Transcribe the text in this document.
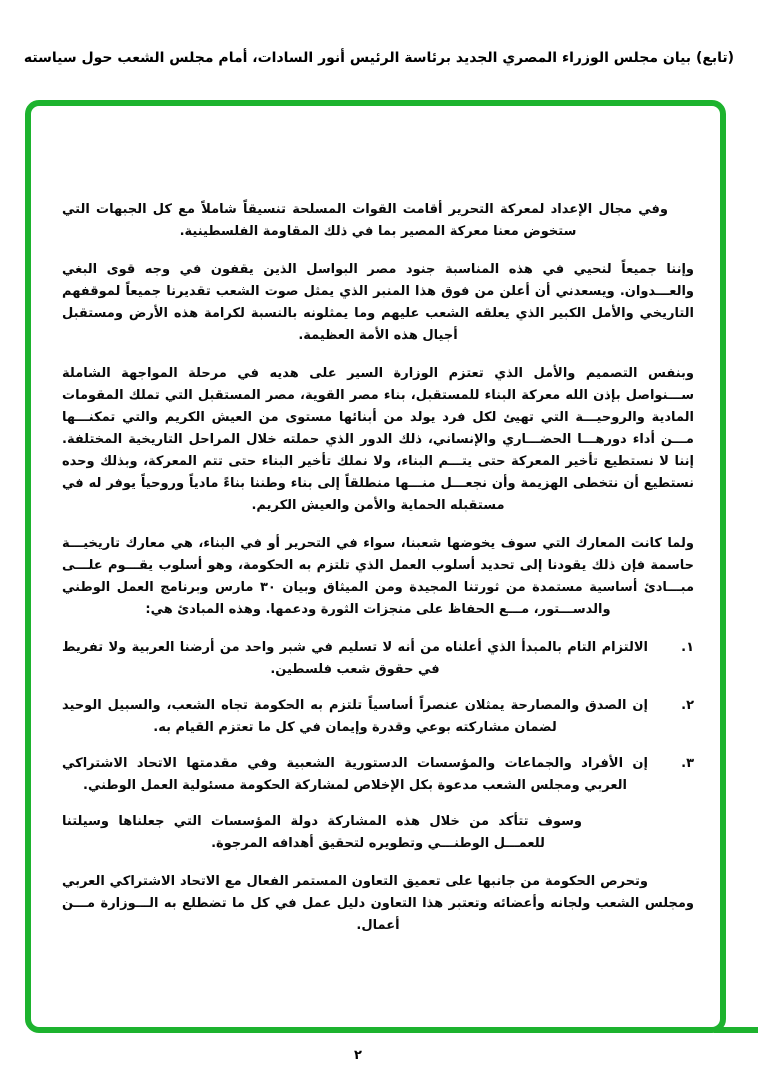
(تابع) بيان مجلس الوزراء المصري الجديد برئاسة الرئيس أنور السادات، أمام مجلس الشعب حول سياسته

وفي مجال الإعداد لمعركة التحرير أقامت القوات المسلحة تنسيقاً شاملاً مع كل الجبهات التي ستخوض معنا معركة المصير بما في ذلك المقاومة الفلسطينية.

وإننا جميعاً لنحيي في هذه المناسبة جنود مصر البواسل الذين يقفون في وجه قوى البغي والعـــدوان. ويسعدني أن أعلن من فوق هذا المنبر الذي يمثل صوت الشعب تقديرنا جميعاً لموقفهم التاريخي والأمل الكبير الذي يعلقه الشعب عليهم وما يمثلونه بالنسبة لكرامة هذه الأرض ومستقبل أجيال هذه الأمة العظيمة.

وبنفس التصميم والأمل الذي تعتزم الوزارة السير على هديه في مرحلة المواجهة الشاملة ســـنواصل بإذن الله معركة البناء للمستقبل، بناء مصر القوية، مصر المستقبل التي تملك المقومات المادية والروحيـــة التي تهيئ لكل فرد يولد من أبنائها مستوى من العيش الكريم والتي تمكنـــها مـــن أداء دورهـــا الحضـــاري والإنساني، ذلك الدور الذي حملته خلال المراحل التاريخية المختلفة. إننا لا نستطيع تأخير المعركة حتى يتـــم البناء، ولا نملك تأخير البناء حتى تتم المعركة، وبذلك وحده نستطيع أن نتخطى الهزيمة وأن نجعـــل منـــها منطلقاً إلى بناء وطننا بناءً مادياً وروحياً يوفر له في مستقبله الحماية والأمن والعيش الكريم.

ولما كانت المعارك التي سوف يخوضها شعبنا، سواء في التحرير أو في البناء، هي معارك تاريخيـــة حاسمة فإن ذلك يقودنا إلى تحديد أسلوب العمل الذي تلتزم به الحكومة، وهو أسلوب يقـــوم علـــى مبـــادئ أساسية مستمدة من ثورتنا المجيدة ومن الميثاق وبيان ٣٠ مارس وبرنامج العمل الوطني والدســـتور، مـــع الحفاظ على منجزات الثورة ودعمها. وهذه المبادئ هي:

١.
الالتزام التام بالمبدأ الذي أعلناه من أنه لا تسليم في شبر واحد من أرضنا العربية ولا تفريط في حقوق شعب فلسطين.
٢.
إن الصدق والمصارحة يمثلان عنصراً أساسياً تلتزم به الحكومة تجاه الشعب، والسبيل الوحيد لضمان مشاركته بوعي وقدرة وإيمان في كل ما تعتزم القيام به.
٣.
إن الأفراد والجماعات والمؤسسات الدستورية الشعبية وفي مقدمتها الاتحاد الاشتراكي العربي ومجلس الشعب مدعوة بكل الإخلاص لمشاركة الحكومة مسئولية العمل الوطني.

وسوف تتأكد من خلال هذه المشاركة دولة المؤسسات التي جعلناها وسيلتنا للعمـــل الوطنـــي وتطويره لتحقيق أهدافه المرجوة.

وتحرص الحكومة من جانبها على تعميق التعاون المستمر الفعال مع الاتحاد الاشتراكي العربي ومجلس الشعب ولجانه وأعضائه وتعتبر هذا التعاون دليل عمل في كل ما تضطلع به الـــوزارة مـــن أعمال.

٢
